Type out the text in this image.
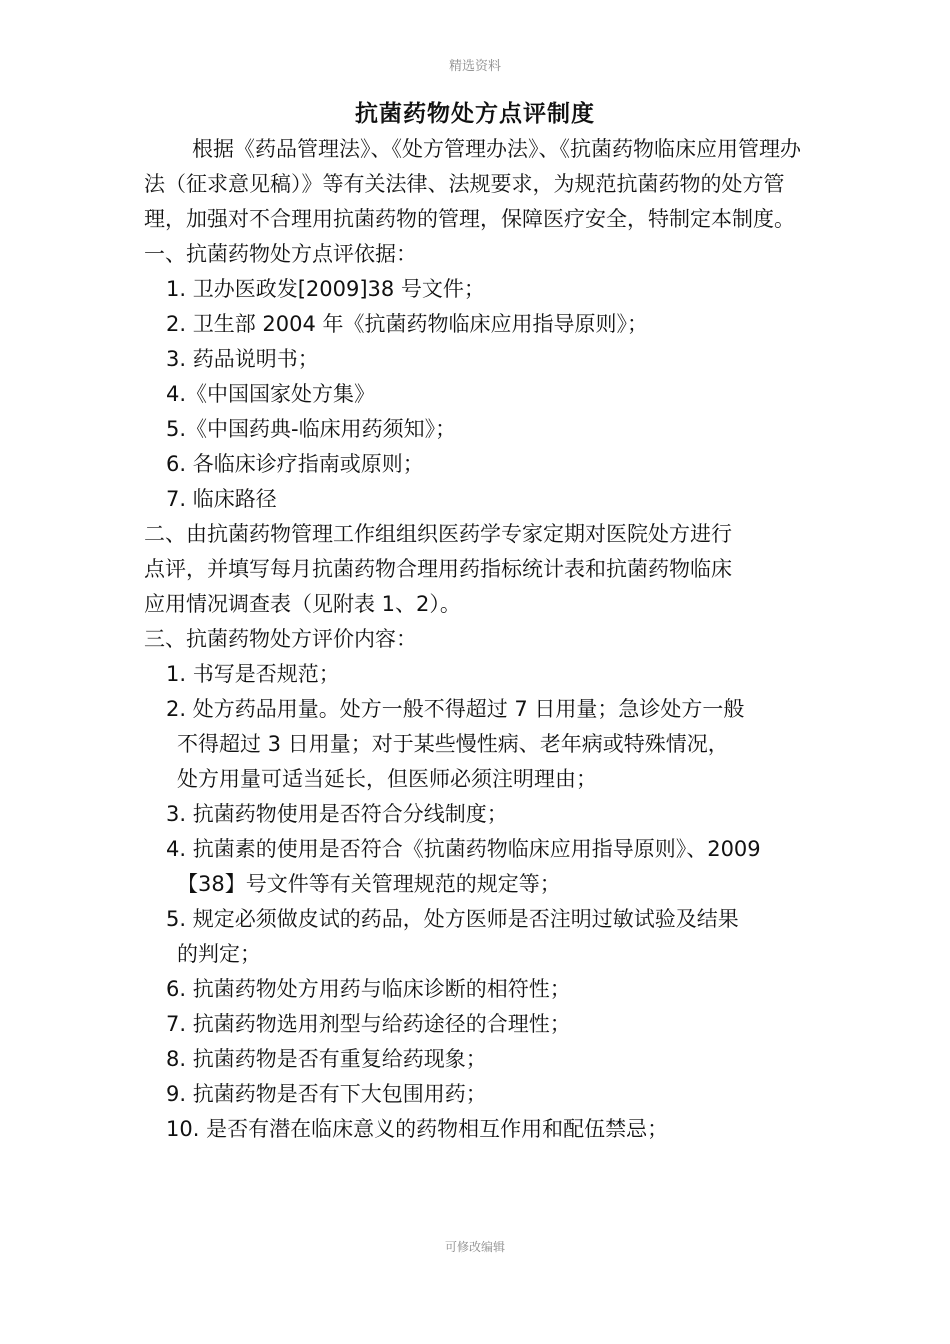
精选资料
抗菌药物处方点评制度

根据《药品管理法》、《处方管理办法》、《抗菌药物临床应用管理办法（征求意见稿）》等有关法律、法规要求，为规范抗菌药物的处方管理，加强对不合理用抗菌药物的管理，保障医疗安全，特制定本制度。

一、抗菌药物处方点评依据：

1. 卫办医政发[2009]38 号文件；

2. 卫生部 2004 年《抗菌药物临床应用指导原则》；

3. 药品说明书；

4.《中国国家处方集》

5.《中国药典-临床用药须知》；

6. 各临床诊疗指南或原则；

7. 临床路径

二、由抗菌药物管理工作组组织医药学专家定期对医院处方进行

点评，并填写每月抗菌药物合理用药指标统计表和抗菌药物临床

应用情况调查表（见附表 1、2）。

三、抗菌药物处方评价内容：

1. 书写是否规范；

2. 处方药品用量。处方一般不得超过 7 日用量；急诊处方一般
不得超过 3 日用量；对于某些慢性病、老年病或特殊情况，
处方用量可适当延长，但医师必须注明理由；

3. 抗菌药物使用是否符合分线制度；

4. 抗菌素的使用是否符合《抗菌药物临床应用指导原则》、2009
【38】号文件等有关管理规范的规定等；
5. 规定必须做皮试的药品，处方医师是否注明过敏试验及结果
的判定；

6. 抗菌药物处方用药与临床诊断的相符性；

7. 抗菌药物选用剂型与给药途径的合理性；

8. 抗菌药物是否有重复给药现象；

9. 抗菌药物是否有下大包围用药；

10. 是否有潜在临床意义的药物相互作用和配伍禁忌；

可修改编辑
